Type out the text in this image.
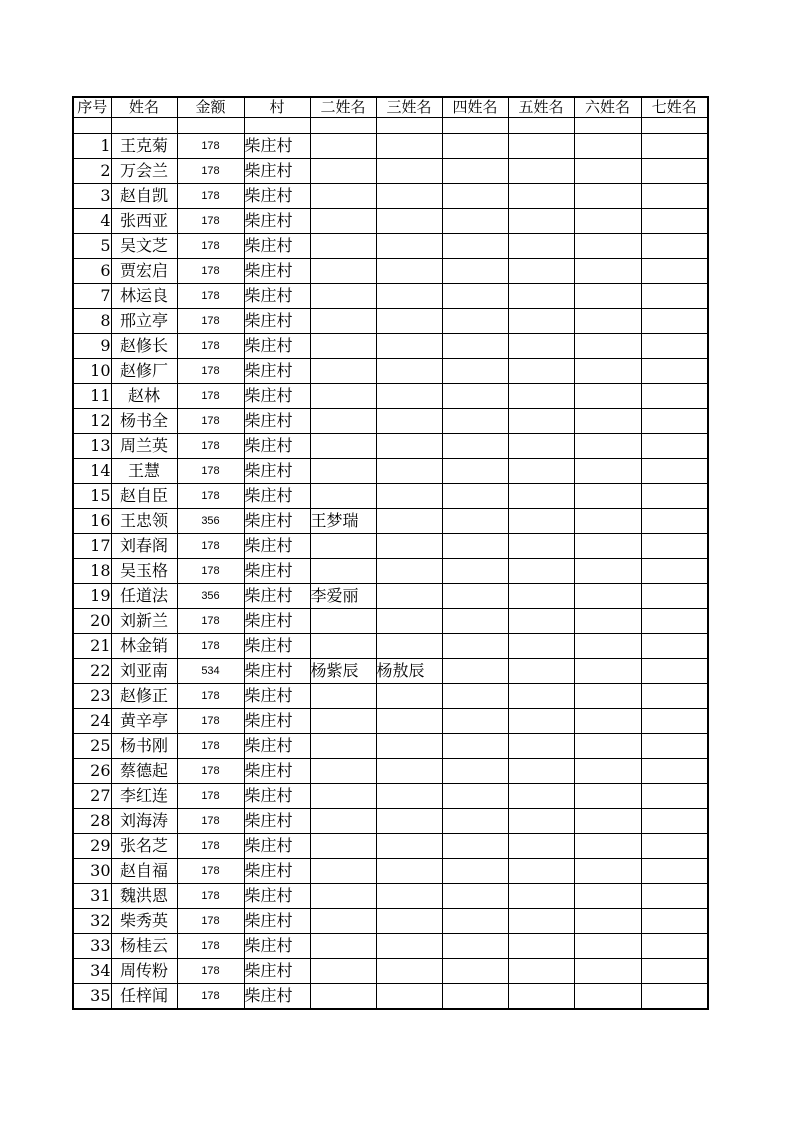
序号	姓名	金额	村	二姓名	三姓名	四姓名	五姓名	六姓名	七姓名

1	王克菊	178	柴庄村						
2	万会兰	178	柴庄村						
3	赵自凯	178	柴庄村						
4	张西亚	178	柴庄村						
5	吴文芝	178	柴庄村						
6	贾宏启	178	柴庄村						
7	林运良	178	柴庄村						
8	邢立亭	178	柴庄村						
9	赵修长	178	柴庄村						
10	赵修厂	178	柴庄村						
11	赵林	178	柴庄村						
12	杨书全	178	柴庄村						
13	周兰英	178	柴庄村						
14	王慧	178	柴庄村						
15	赵自臣	178	柴庄村						
16	王忠领	356	柴庄村	王梦瑞					
17	刘春阁	178	柴庄村						
18	吴玉格	178	柴庄村						
19	任道法	356	柴庄村	李爱丽					
20	刘新兰	178	柴庄村						
21	林金销	178	柴庄村						
22	刘亚南	534	柴庄村	杨紫辰	杨敖辰				
23	赵修正	178	柴庄村						
24	黄辛亭	178	柴庄村						
25	杨书刚	178	柴庄村						
26	蔡德起	178	柴庄村						
27	李红连	178	柴庄村						
28	刘海涛	178	柴庄村						
29	张名芝	178	柴庄村						
30	赵自福	178	柴庄村						
31	魏洪恩	178	柴庄村						
32	柴秀英	178	柴庄村						
33	杨桂云	178	柴庄村						
34	周传粉	178	柴庄村						
35	任梓闻	178	柴庄村						
